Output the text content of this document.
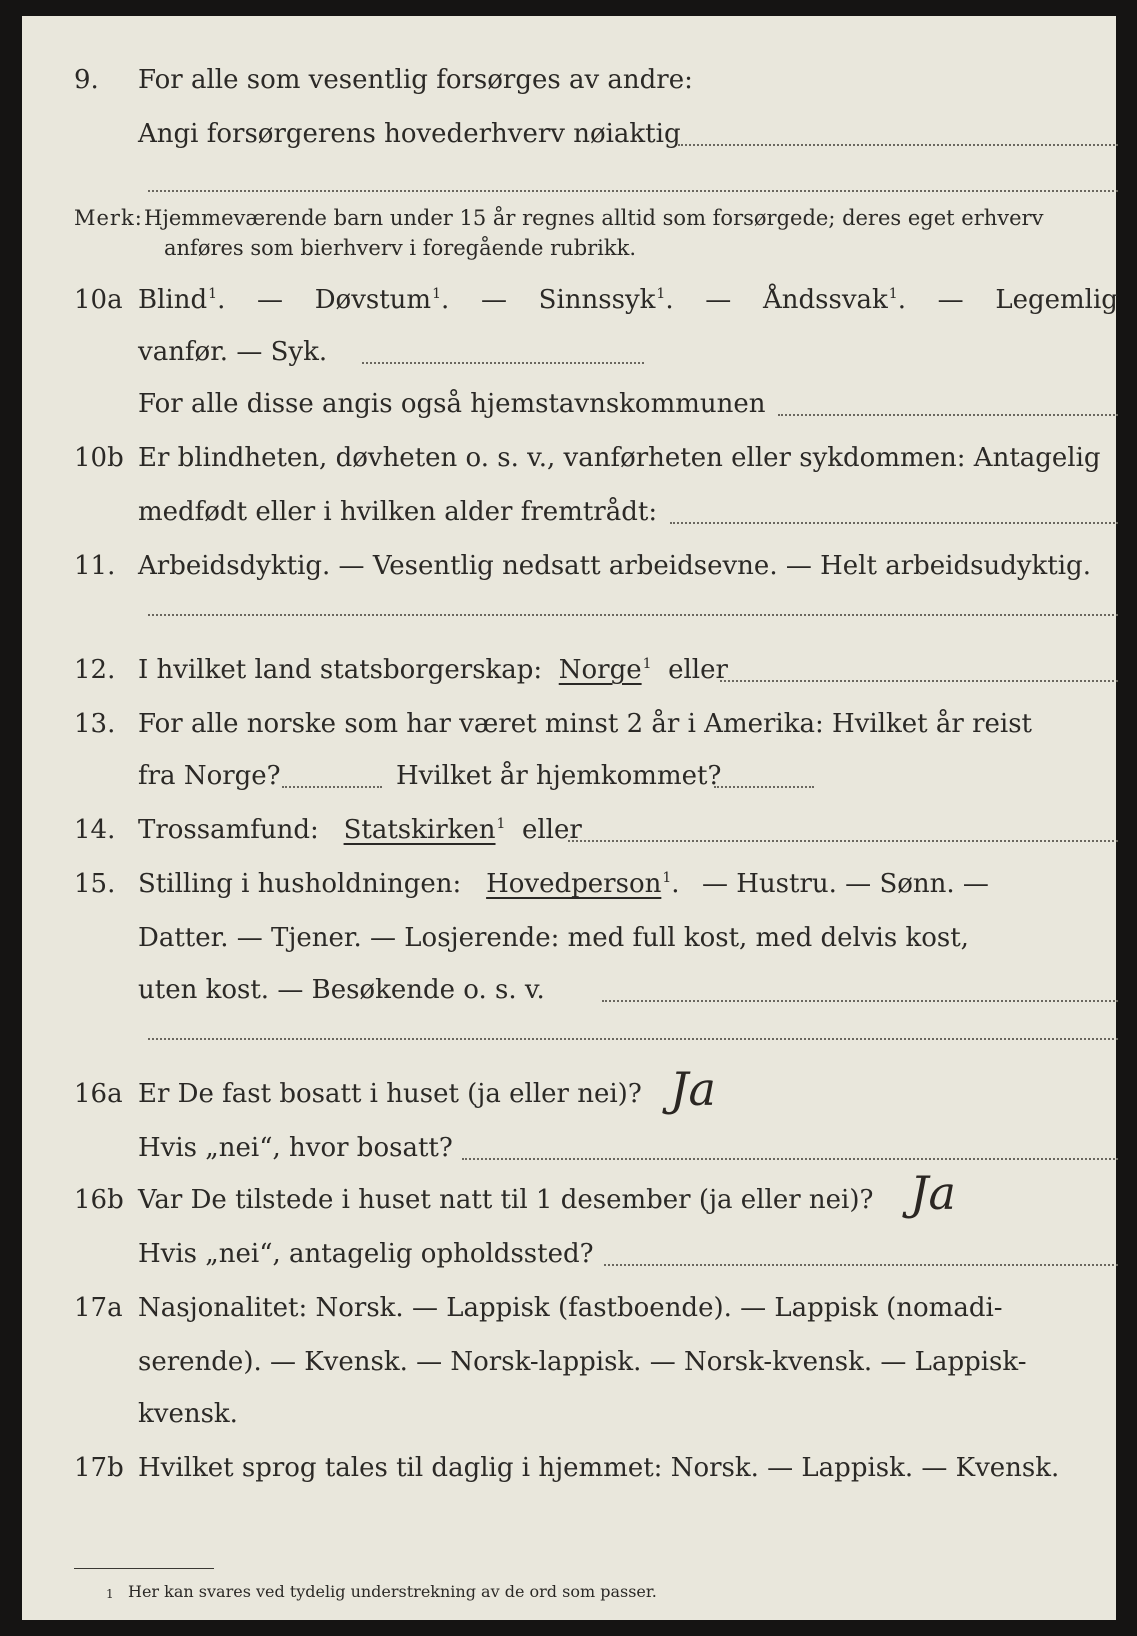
9. For alle som vesentlig forsørges av andre:
Angi forsørgerens hovederhverv nøiaktig
Merk: Hjemmeværende barn under 15 år regnes alltid som forsørgede; deres eget erhverv
anføres som bierhverv i foregående rubrikk.
10a Blind$^1$. — Døvstum$^1$. — Sinnssyk$^1$. — Åndssvak$^1$. — Legemlig
vanfør. — Syk.
For alle disse angis også hjemstavnskommunen
10b Er blindheten, døvheten o. s. v., vanførheten eller sykdommen: Antagelig
medfødt eller i hvilken alder fremtrådt:
11. Arbeidsdyktig. — Vesentlig nedsatt arbeidsevne. — Helt arbeidsudyktig.
12. I hvilket land statsborgerskap: Norge$^1$ eller
13. For alle norske som har været minst 2 år i Amerika: Hvilket år reist
fra Norge?	Hvilket år hjemkommet?
14. Trossamfund: Statskirken$^1$ eller
15. Stilling i husholdningen: Hovedperson$^1$. — Hustru. — Sønn. —
Datter. — Tjener. — Losjerende: med full kost, med delvis kost,
uten kost. — Besøkende o. s. v.
16a Er De fast bosatt i huset (ja eller nei)? Ja
Hvis „nei“, hvor bosatt?
16b Var De tilstede i huset natt til 1 desember (ja eller nei)? Ja
Hvis „nei“, antagelig opholdssted?
17a Nasjonalitet: Norsk. — Lappisk (fastboende). — Lappisk (nomadi-
serende). — Kvensk. — Norsk-lappisk. — Norsk-kvensk. — Lappisk-
kvensk.
17b Hvilket sprog tales til daglig i hjemmet: Norsk. — Lappisk. — Kvensk.
1 Her kan svares ved tydelig understrekning av de ord som passer.
